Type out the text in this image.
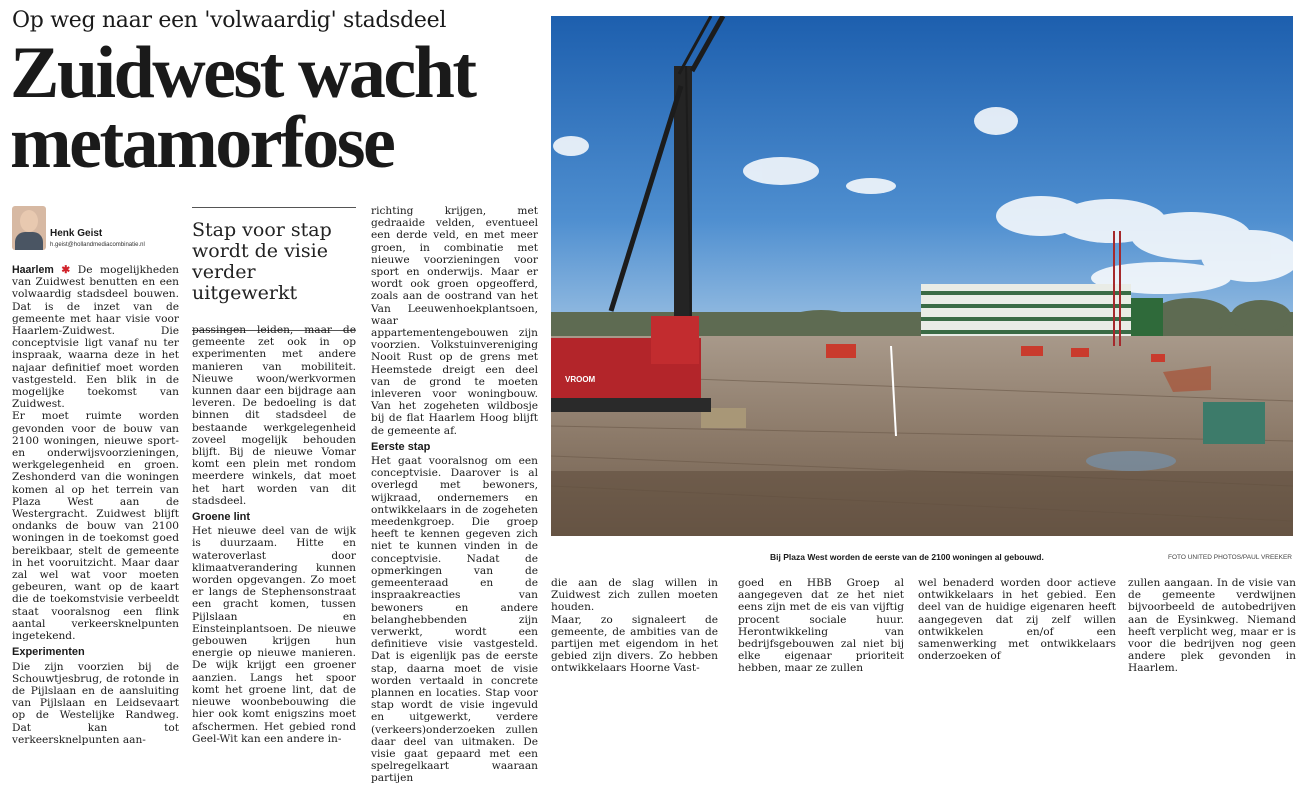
Op weg naar een 'volwaardig' stadsdeel
Zuidwest wacht
metamorfose
Henk Geist
h.geist@hollandmediacombinatie.nl

Haarlem ✱ De mogelijkheden van Zuidwest benutten en een volwaardig stadsdeel bouwen. Dat is de inzet van de gemeente met haar visie voor Haarlem-Zuidwest. Die conceptvisie ligt vanaf nu ter inspraak, waarna deze in het najaar definitief moet worden vastgesteld. Een blik in de mogelijke toekomst van Zuidwest.

Er moet ruimte worden gevonden voor de bouw van 2100 woningen, nieuwe sport- en onderwijsvoorzieningen, werkgelegenheid en groen. Zeshonderd van die woningen komen al op het terrein van Plaza West aan de Westergracht. Zuidwest blijft ondanks de bouw van 2100 woningen in de toekomst goed bereikbaar, stelt de gemeente in het vooruitzicht. Maar daar zal wel wat voor moeten gebeuren, want op de kaart die de toekomstvisie verbeeldt staat vooralsnog een flink aantal verkeersknelpunten ingetekend.

Experimenten

Die zijn voorzien bij de Schouwtjesbrug, de rotonde in de Pijlslaan en de aansluiting van Pijlslaan en Leidsevaart op de Westelijke Randweg. Dat kan tot verkeersknelpunten aan-

Stap voor stap wordt de visie verder uitgewerkt

passingen leiden, maar de gemeente zet ook in op experimenten met andere manieren van mobiliteit. Nieuwe woon/werkvormen kunnen daar een bijdrage aan leveren. De bedoeling is dat binnen dit stadsdeel de bestaande werkgelegenheid zoveel mogelijk behouden blijft. Bij de nieuwe Vomar komt een plein met rondom meerdere winkels, dat moet het hart worden van dit stadsdeel.

Groene lint

Het nieuwe deel van de wijk is duurzaam. Hitte en wateroverlast door klimaatverandering kunnen worden opgevangen. Zo moet er langs de Stephensonstraat een gracht komen, tussen Pijlslaan en Einsteinplantsoen. De nieuwe gebouwen krijgen hun energie op nieuwe manieren. De wijk krijgt een groener aanzien. Langs het spoor komt het groene lint, dat de nieuwe woonbebouwing die hier ook komt enigszins moet afschermen. Het gebied rond Geel-Wit kan een andere in-

richting krijgen, met gedraaide velden, eventueel een derde veld, en met meer groen, in combinatie met nieuwe voorzieningen voor sport en onderwijs. Maar er wordt ook groen opgeofferd, zoals aan de oostrand van het Van Leeuwenhoekplantsoen, waar appartementengebouwen zijn voorzien. Volkstuinvereniging Nooit Rust op de grens met Heemstede dreigt een deel van de grond te moeten inleveren voor woningbouw. Van het zogeheten wildbosje bij de flat Haarlem Hoog blijft de gemeente af.

Eerste stap

Het gaat vooralsnog om een conceptvisie. Daarover is al overlegd met bewoners, wijkraad, ondernemers en ontwikkelaars in de zogeheten meedenkgroep. Die groep heeft te kennen gegeven zich niet te kunnen vinden in de conceptvisie. Nadat de opmerkingen van de gemeenteraad en de inspraakreacties van bewoners en andere belanghebbenden zijn verwerkt, wordt een definitieve visie vastgesteld. Dat is eigenlijk pas de eerste stap, daarna moet de visie worden vertaald in concrete plannen en locaties. Stap voor stap wordt de visie ingevuld en uitgewerkt, verdere (verkeers)onderzoeken zullen daar deel van uitmaken. De visie gaat gepaard met een spelregelkaart waaraan partijen

VROOM
Bij Plaza West worden de eerste van de 2100 woningen al gebouwd.	FOTO UNITED PHOTOS/PAUL VREEKER

die aan de slag willen in Zuidwest zich zullen moeten houden.

Maar, zo signaleert de gemeente, de ambities van de partijen met eigendom in het gebied zijn divers. Zo hebben ontwikkelaars Hoorne Vast-

goed en HBB Groep al aangegeven dat ze het niet eens zijn met de eis van vijftig procent sociale huur. Herontwikkeling van bedrijfsgebouwen zal niet bij elke eigenaar prioriteit hebben, maar ze zullen

wel benaderd worden door actieve ontwikkelaars in het gebied. Een deel van de huidige eigenaren heeft aangegeven dat zij zelf willen ontwikkelen en/of een samenwerking met ontwikkelaars onderzoeken of

zullen aangaan. In de visie van de gemeente verdwijnen bijvoorbeeld de autobedrijven aan de Eysinkweg. Niemand heeft verplicht weg, maar er is voor die bedrijven nog geen andere plek gevonden in Haarlem.
